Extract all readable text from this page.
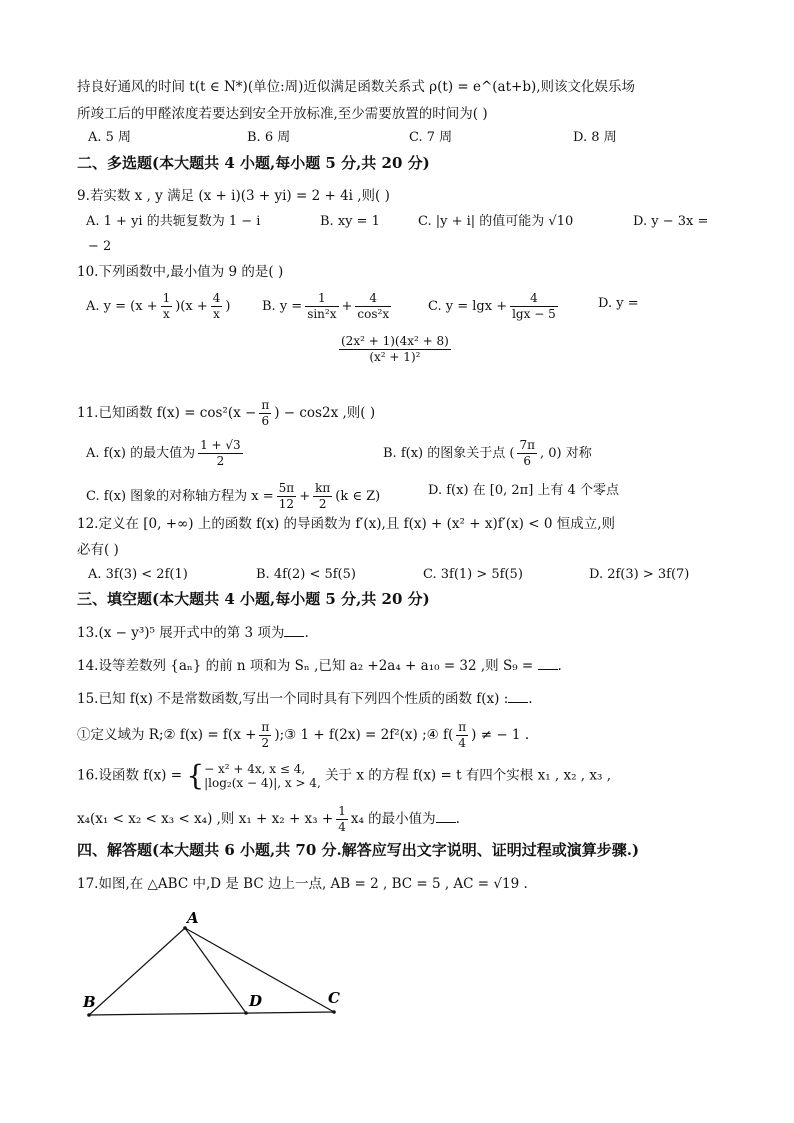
持良好通风的时间 t(t ∈ N*)(单位:周)近似满足函数关系式 ρ(t) = e^(at+b),则该文化娱乐场
所竣工后的甲醛浓度若要达到安全开放标准,至少需要放置的时间为( )
A. 5 周	B. 6 周	C. 7 周	D. 8 周
二、多选题(本大题共 4 小题,每小题 5 分,共 20 分)
9.若实数 x , y 满足 (x + i)(3 + yi) = 2 + 4i ,则( )
A. 1 + yi 的共轭复数为 1 − i	B. xy = 1	C. |y + i| 的值可能为 √10	D. y − 3x =
− 2
10.下列函数中,最小值为 9 的是( )
A. $y = (x + \frac{1}{x} )(x + \frac{4}{x}$ ) B. $y = \frac{1}{\text{sin²x}} + \frac{4}{\text{cos²x}}$	C. $y = \lg x + \frac{4}{\lg x - 5}$	D. y =
$\frac{\text{(2x² + 1)(4x² + 8)}}{\text{(x² + 1)²}}$
11.已知函数 $f(x) = \cos^2(x - \frac{\pi}{6}$ ) − cos2x ,则( )
A. f(x) 的最大值为 $\frac{1 + √3}{2}$	B. f(x) 的图象关于点 ( $\frac{7\pi}{6}$ , 0) 对称
C. f(x) 图象的对称轴方程为 $x = \frac{5\pi}{12} + \frac{k\pi}{2} (k$ ∈ Z)	D. f(x) 在 [0, 2π] 上有 4 个零点
12.定义在 [0, +∞) 上的函数 f(x) 的导函数为 f′(x),且 f(x) + (x² + x)f′(x) < 0 恒成立,则
必有( )
A. 3f(3) < 2f(1)	B. 4f(2) < 5f(5)	C. 3f(1) > 5f(5)	D. 2f(3) > 3f(7)
三、填空题(本大题共 4 小题,每小题 5 分,共 20 分)
13.(x − y³)⁵ 展开式中的第 3 项为 .
14.设等差数列 {aₙ} 的前 n 项和为 Sₙ ,已知 a₂ +2a₄ + a₁₀ = 32 ,则 S₉ = .
15.已知 f(x) 不是常数函数,写出一个同时具有下列四个性质的函数 f(x) : .
①定义域为 R;② $f(x) = f(x + \frac{\pi}{2}$ );③ 1 + f(2x) = 2f²(x) ;④ $f( \frac{\pi}{4}$ ) ≠ − 1 .
16.设函数 f(x) = { − x² + 4x, x ≤ 4,
|log₂(x − 4)|, x > 4, 关于 x 的方程 f(x) = t 有四个实根 x₁ , x₂ , x₃ ,
x₄(x₁ < x₂ < x₃ < x₄) ,则 $x_1 + x_2 + x_3 + \frac{1}{4} x_4$ 的最小值为 .
四、解答题(本大题共 6 小题,共 70 分.解答应写出文字说明、证明过程或演算步骤.)
17.如图,在 △ABC 中,D 是 BC 边上一点, AB = 2 , BC = 5 , AC = √19 .
A
B	D	C
